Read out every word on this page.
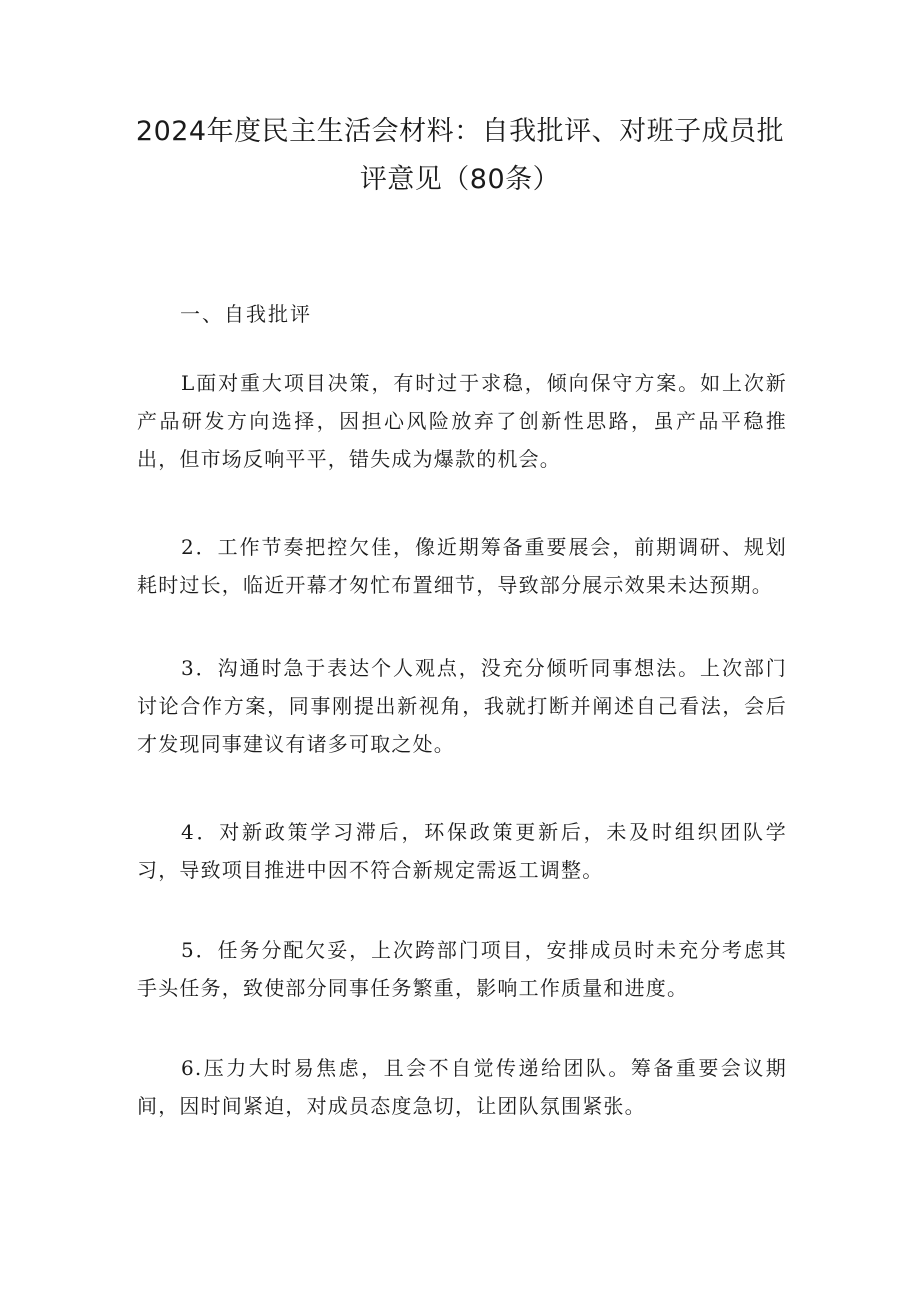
2024年度民主生活会材料：自我批评、对班子成员批
评意见（80条）
一、自我批评

L面对重大项目决策，有时过于求稳，倾向保守方案。如上次新产品研发方向选择，因担心风险放弃了创新性思路，虽产品平稳推出，但市场反响平平，错失成为爆款的机会。

2．工作节奏把控欠佳，像近期筹备重要展会，前期调研、规划耗时过长，临近开幕才匆忙布置细节，导致部分展示效果未达预期。

3．沟通时急于表达个人观点，没充分倾听同事想法。上次部门讨论合作方案，同事刚提出新视角，我就打断并阐述自己看法，会后才发现同事建议有诸多可取之处。

4．对新政策学习滞后，环保政策更新后，未及时组织团队学习，导致项目推进中因不符合新规定需返工调整。

5．任务分配欠妥，上次跨部门项目，安排成员时未充分考虑其手头任务，致使部分同事任务繁重，影响工作质量和进度。

6.压力大时易焦虑，且会不自觉传递给团队。筹备重要会议期间，因时间紧迫，对成员态度急切，让团队氛围紧张。
